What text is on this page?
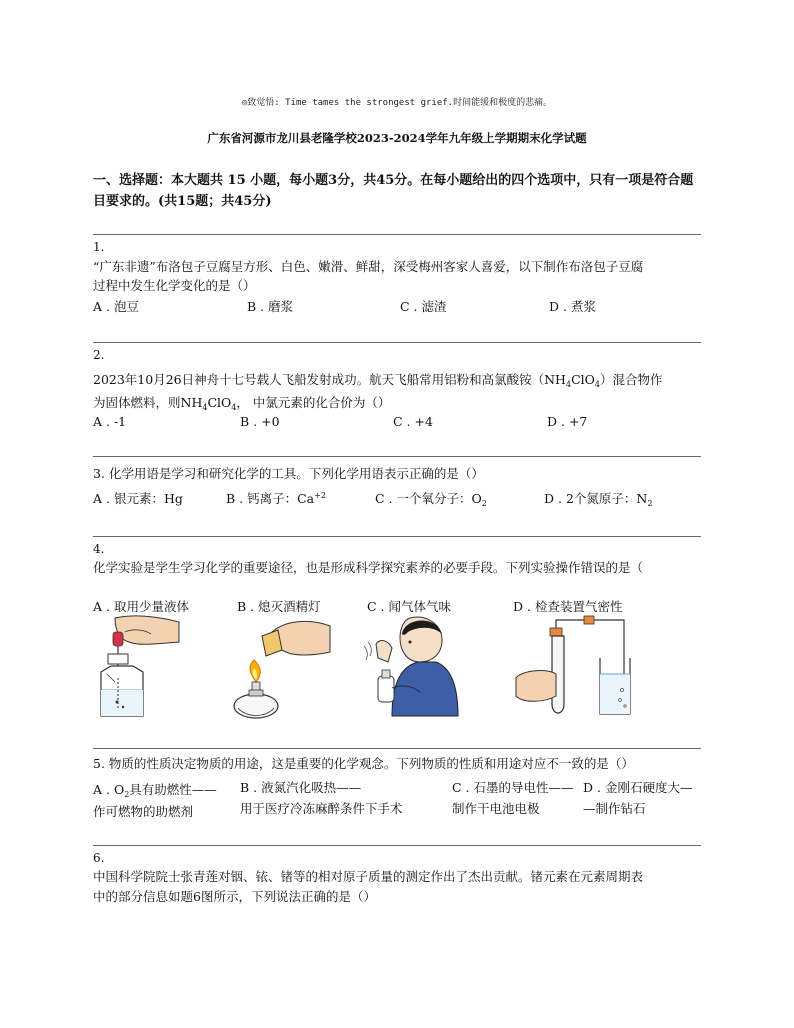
◎致觉悟: Time tames the strongest grief.时间能缓和极度的悲痛。
广东省河源市龙川县老隆学校2023-2024学年九年级上学期期末化学试题
一、选择题：本大题共 15 小题，每小题3分，共45分。在每小题给出的四个选项中，只有一项是符合题目要求的。(共15题；共45分)
1.
“广东非遗”布洛包子豆腐呈方形、白色、嫩滑、鲜甜，深受梅州客家人喜爱，以下制作布洛包子豆腐
过程中发生化学变化的是（）
A . 泡豆	B . 磨浆	C . 滤渣	D . 煮浆
2.
2023年10月26日神舟十七号载人飞船发射成功。航天飞船常用铝粉和高氯酸铵$(NH_4ClO_4)$混合物作
为固体燃料，则$NH_4ClO_4$， 中氯元素的化合价为（）
A . -1	B . +0	C . +4	D . +7
3. 化学用语是学习和研究化学的工具。下列化学用语表示正确的是（）
A . 银元素：Hg	B . 钙离子：$Ca^{+2}$	C . 一个氧分子：$O_2$	D . 2个氮原子：$N_2$
4.
化学实验是学生学习化学的重要途径，也是形成科学探究素养的必要手段。下列实验操作错误的是（
A . 取用少量液体	B . 熄灭酒精灯	C . 闻气体气味	D . 检查装置气密性
5. 物质的性质决定物质的用途，这是重要的化学观念。下列物质的性质和用途对应不一致的是（）
A . $O_2$具有助燃性——
作可燃物的助燃剂
B . 液氮汽化吸热——
用于医疗冷冻麻醉条件下手术
C . 石墨的导电性——
制作干电池电极
D . 金刚石硬度大—
—制作钻石
6.
中国科学院院士张青莲对铟、铱、锗等的相对原子质量的测定作出了杰出贡献。锗元素在元素周期表
中的部分信息如题6图所示，下列说法正确的是（）
